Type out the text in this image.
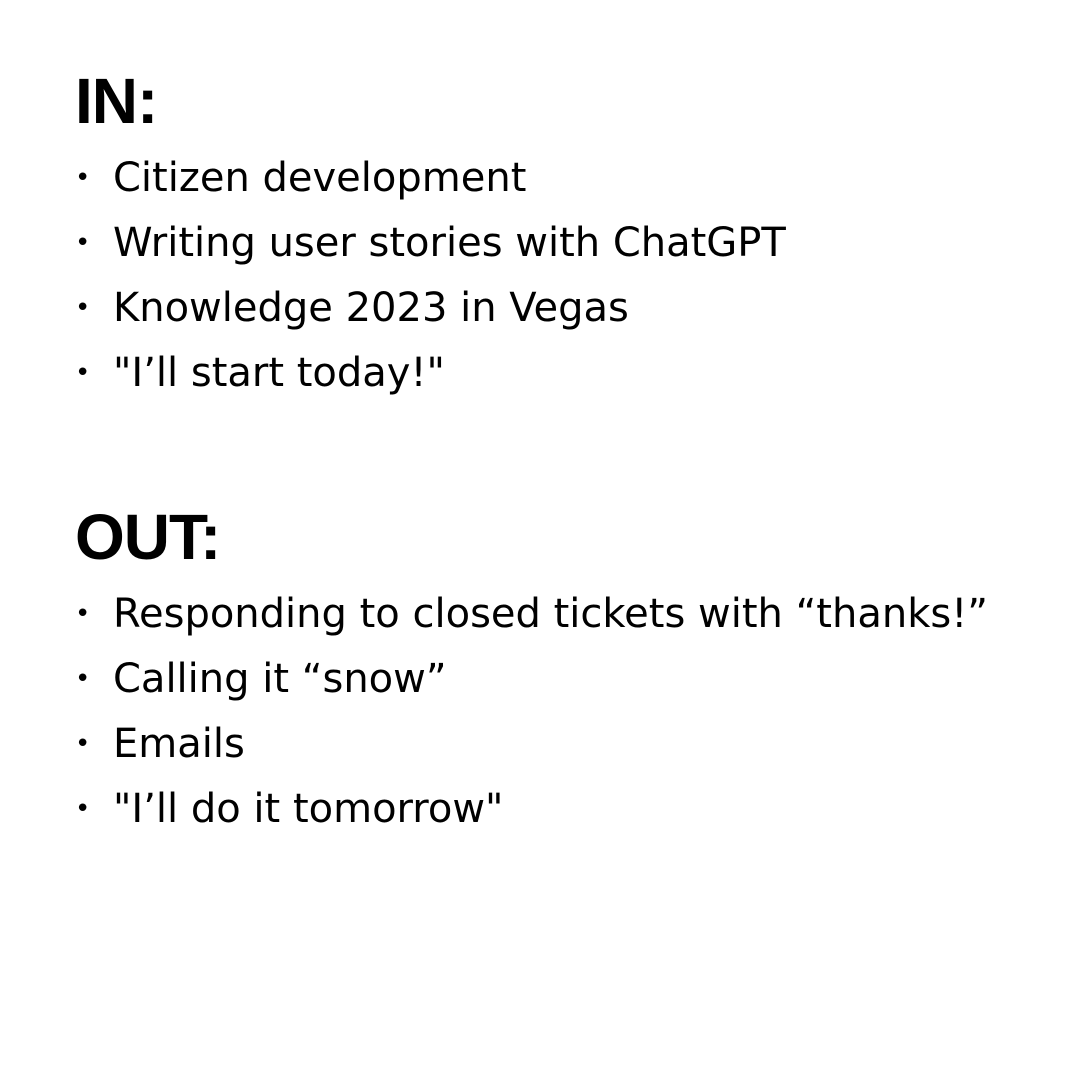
IN:
• Citizen development
• Writing user stories with ChatGPT
• Knowledge 2023 in Vegas
• "I’ll start today!"
OUT:
• Responding to closed tickets with “thanks!”
• Calling it “snow”
• Emails
• "I’ll do it tomorrow"
